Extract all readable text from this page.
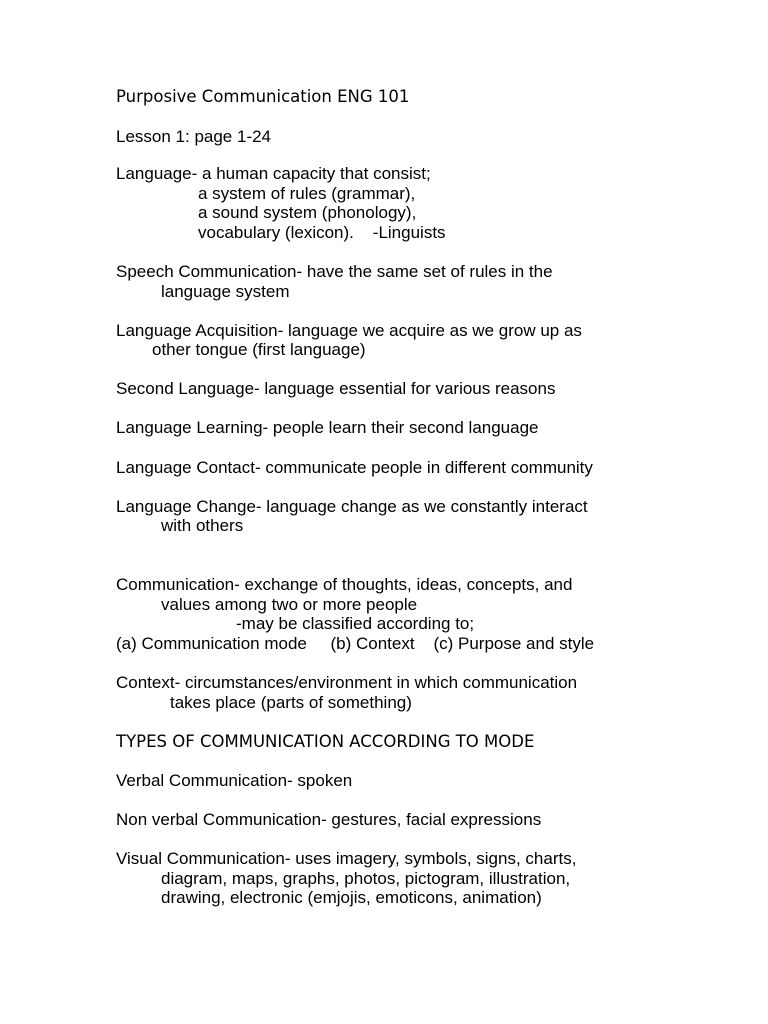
Purposive Communication ENG 101
Lesson 1: page 1-24
Language- a human capacity that consist;
a system of rules (grammar),
a sound system (phonology),
vocabulary (lexicon).    -Linguists
Speech Communication- have the same set of rules in the
language system
Language Acquisition- language we acquire as we grow up as
other tongue (first language)
Second Language- language essential for various reasons
Language Learning- people learn their second language
Language Contact- communicate people in different community
Language Change- language change as we constantly interact
with others
Communication- exchange of thoughts, ideas, concepts, and
values among two or more people
-may be classified according to;
(a) Communication mode     (b) Context    (c) Purpose and style
Context- circumstances/environment in which communication
takes place (parts of something)
TYPES OF COMMUNICATION ACCORDING TO MODE
Verbal Communication- spoken
Non verbal Communication- gestures, facial expressions
Visual Communication- uses imagery, symbols, signs, charts,
diagram, maps, graphs, photos, pictogram, illustration,
drawing, electronic (emjojis, emoticons, animation)
